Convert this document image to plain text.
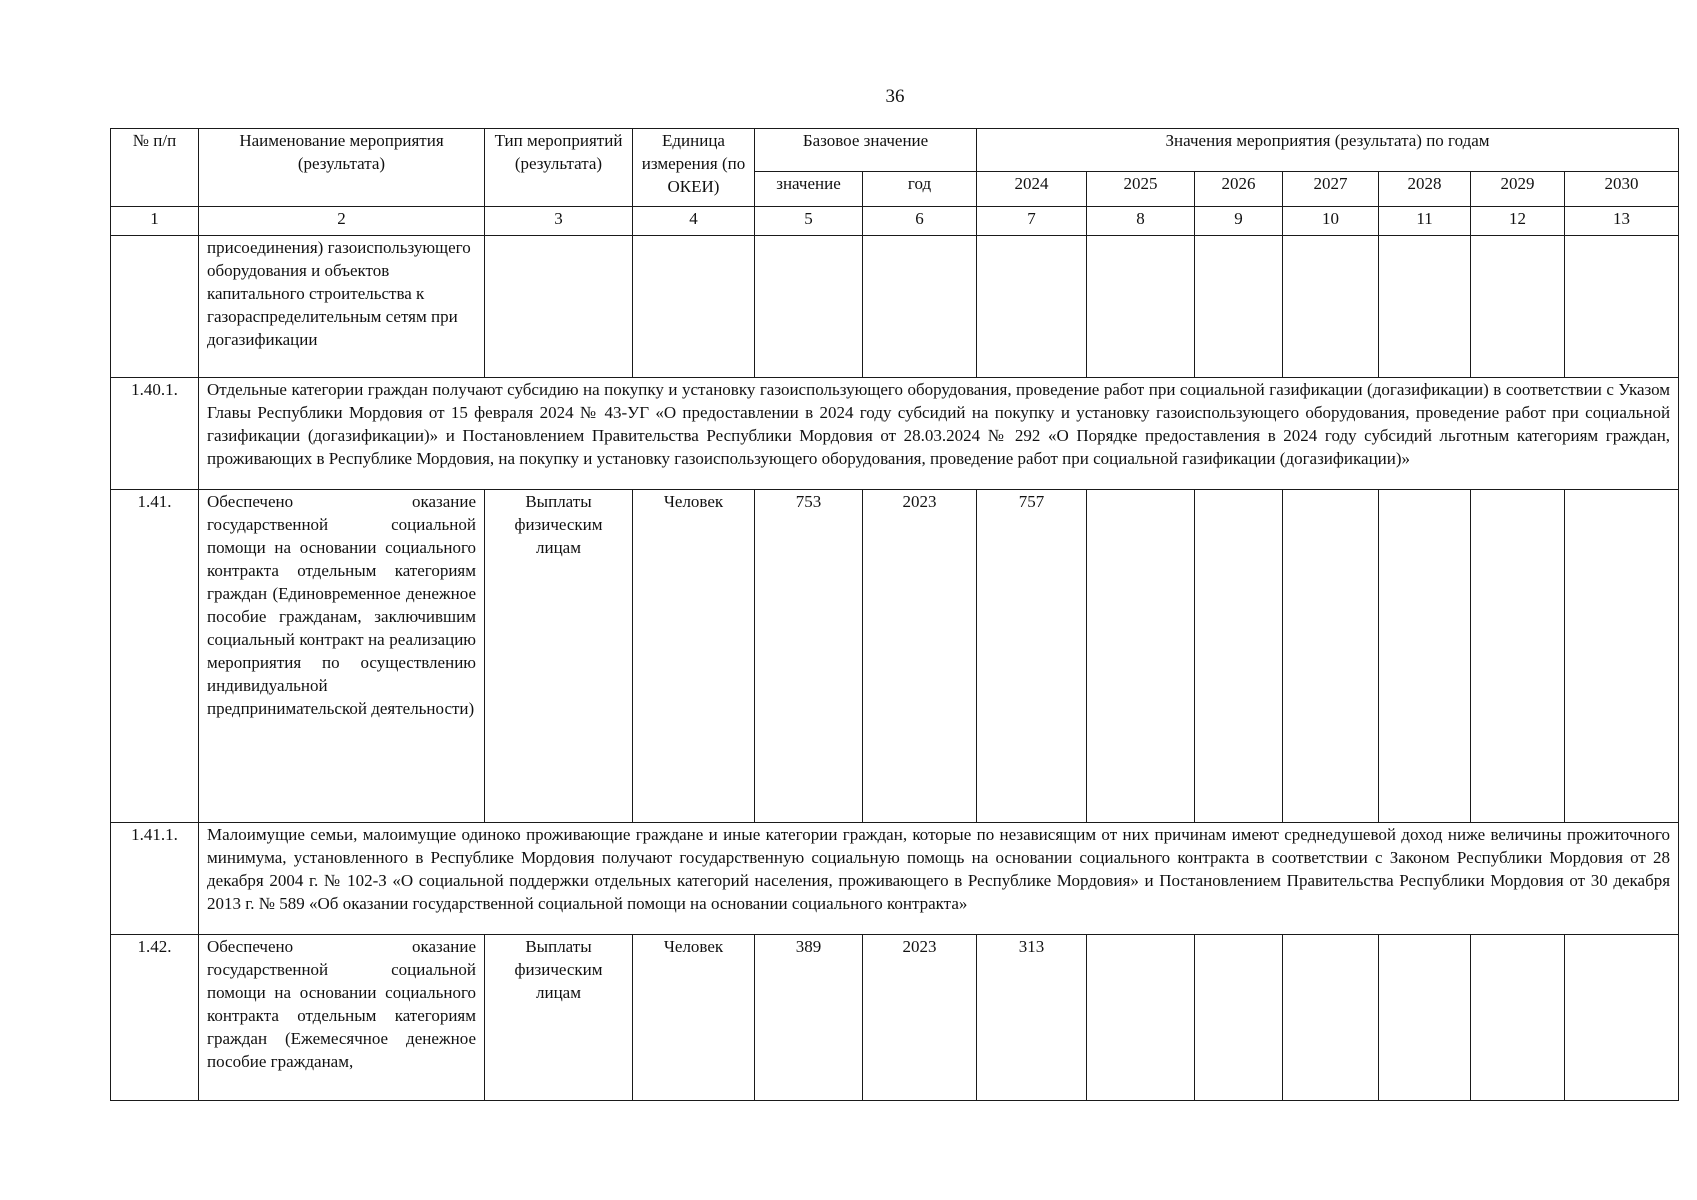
36
№ п/п	Наименование мероприятия (результата)	Тип мероприятий (результата)	Единица измерения (по ОКЕИ)	Базовое значение		Значения мероприятия (результата) по годам						
				значение	год	2024	2025	2026	2027	2028	2029	2030
1	2	3	4	5	6	7	8	9	10	11	12	13
	присоединения) газоиспользующего оборудования и объектов капитального строительства к газораспределительным сетям при догазификации											
1.40.1.	Отдельные категории граждан получают субсидию на покупку и установку газоиспользующего оборудования, проведение работ при социальной газификации (догазификации) в соответствии с Указом Главы Республики Мордовия от 15 февраля 2024 № 43-УГ «О предоставлении в 2024 году субсидий на покупку и установку газоиспользующего оборудования, проведение работ при социальной газификации (догазификации)» и Постановлением Правительства Республики Мордовия от 28.03.2024 № 292 «О Порядке предоставления в 2024 году субсидий льготным категориям граждан, проживающих в Республике Мордовия, на покупку и установку газоиспользующего оборудования, проведение работ при социальной газификации (догазификации)»											
1.41.	Обеспечено оказание государственной социальной помощи на основании социального контракта отдельным категориям граждан (Единовременное денежное пособие гражданам, заключившим социальный контракт на реализацию мероприятия по осуществлению индивидуальной предпринимательской деятельности)	Выплаты физическим лицам	Человек	753	2023	757						
1.41.1.	Малоимущие семьи, малоимущие одиноко проживающие граждане и иные категории граждан, которые по независящим от них причинам имеют среднедушевой доход ниже величины прожиточного минимума, установленного в Республике Мордовия получают государственную социальную помощь на основании социального контракта в соответствии с Законом Республики Мордовия от 28 декабря 2004 г. № 102-З «О социальной поддержки отдельных категорий населения, проживающего в Республике Мордовия» и Постановлением Правительства Республики Мордовия от 30 декабря 2013 г. № 589 «Об оказании государственной социальной помощи на основании социального контракта»											
1.42.	Обеспечено оказание государственной социальной помощи на основании социального контракта отдельным категориям граждан (Ежемесячное денежное пособие гражданам,	Выплаты физическим лицам	Человек	389	2023	313						
